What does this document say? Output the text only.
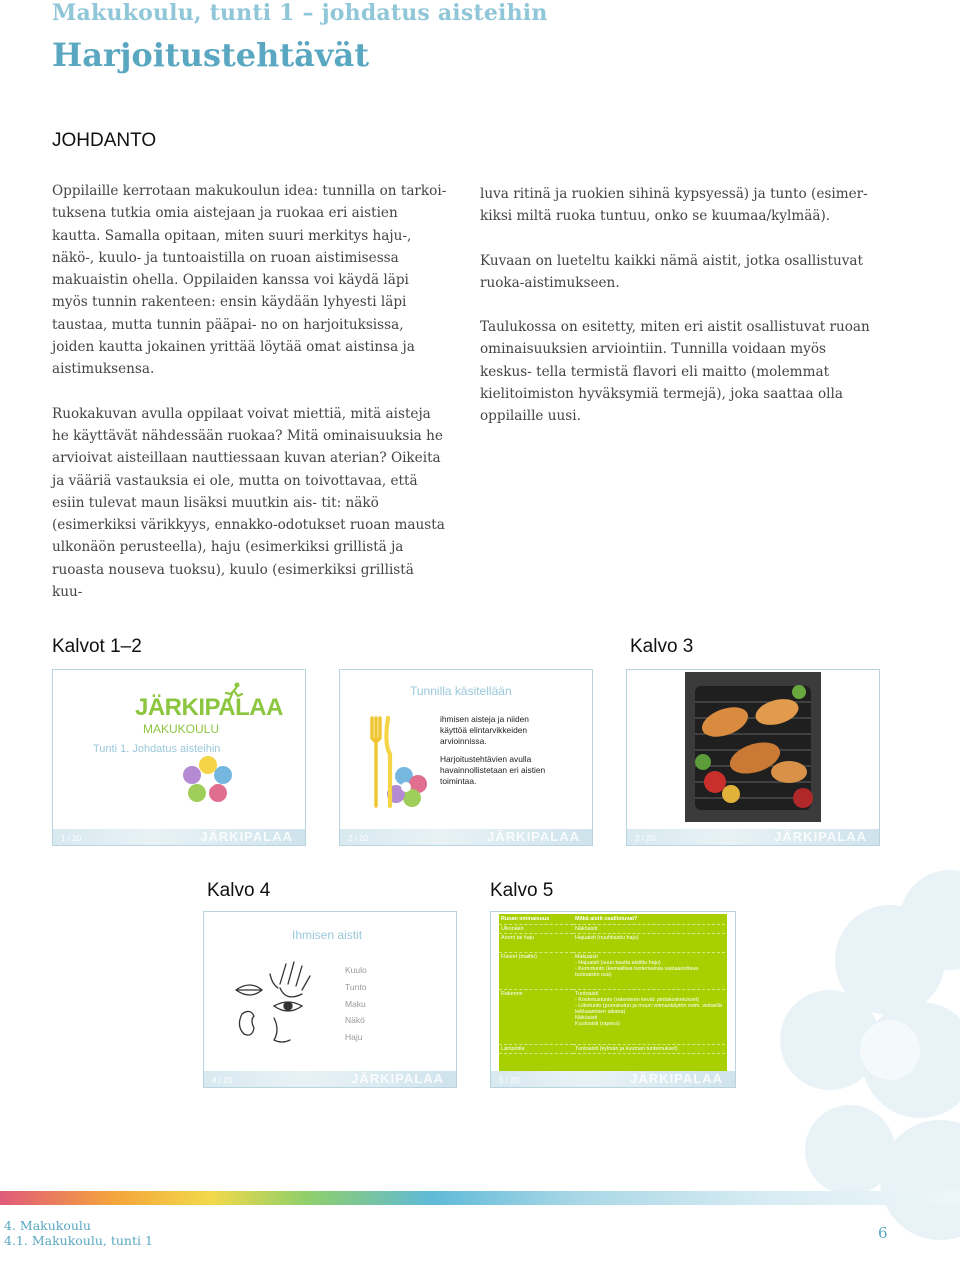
Makukoulu, tunti 1 – johdatus aisteihin
Harjoitustehtävät
JOHDANTO

Oppilaille kerrotaan makukoulun idea: tunnilla on tarkoi- tuksena tutkia omia aistejaan ja ruokaa eri aistien kautta. Samalla opitaan, miten suuri merkitys haju-, näkö-, kuulo- ja tuntoaistilla on ruoan aistimisessa makuaistin ohella. Oppilaiden kanssa voi käydä läpi myös tunnin rakenteen: ensin käydään lyhyesti läpi taustaa, mutta tunnin pääpai- no on harjoituksissa, joiden kautta jokainen yrittää löytää omat aistinsa ja aistimuksensa.

Ruokakuvan avulla oppilaat voivat miettiä, mitä aisteja he käyttävät nähdessään ruokaa? Mitä ominaisuuksia he arvioivat aisteillaan nauttiessaan kuvan aterian? Oikeita ja vääriä vastauksia ei ole, mutta on toivottavaa, että esiin tulevat maun lisäksi muutkin ais- tit: näkö (esimerkiksi värikkyys, ennakko-odotukset ruoan mausta ulkonäön perusteella), haju (esimerkiksi grillistä ja ruoasta nouseva tuoksu), kuulo (esimerkiksi grillistä kuu-

luva ritinä ja ruokien sihinä kypsyessä) ja tunto (esimer- kiksi miltä ruoka tuntuu, onko se kuumaa/kylmää).

Kuvaan on lueteltu kaikki nämä aistit, jotka osallistuvat ruoka-aistimukseen.

Taulukossa on esitetty, miten eri aistit osallistuvat ruoan ominaisuuksien arviointiin. Tunnilla voidaan myös keskus- tella termistä flavori eli maitto (molemmat kielitoimiston hyväksymiä termejä), joka saattaa olla oppilaille uusi.

Kalvot 1–2	Kalvo 3
Kalvo 4	Kalvo 5
JÄRKIPALAA
MAKUKOULU
Tunti 1. Johdatus aisteihin
1 / 20	JÄRKIPALAA
Tunnilla käsitellään
ihmisen aisteja ja niiden käyttöä elintarvikkeiden arvioinnissa.
Harjoitustehtävien avulla havainnollistetaan eri aistien toimintaa.
2 / 20	JÄRKIPALAA	3 / 20	JÄRKIPALAA
Ihmisen aistit
Kuulo
Tunto
Maku
Näkö
Haju
4 / 20	JÄRKIPALAA
Ruoan ominaisuus	Mitkä aistit osallistuvat?
Ulkonäkö	Näköaisti
Aromi tai haju	Hajuaisti (nuuhkaistu haju)
Flavori (maitto)	Makuaisti
- Hajuaisti (suun kautta aistittu haju)
- Kemotunto (kemiallisia tuntemuksia vastaanottava tuntoaistin osa)

Rakenne	Tuntoaisti
- Kosketustunto (rakenteen kevät: pintakosketukset)
- Liiketunto (pureskelun ja muun voimankäytön esim. veitsellä leikkaamisen aikana)
Näköaisti
Kuuloaisti (rapeus)

Lämpötila	Tuntoaisti (kylmän ja kuuman tuntemukset)
5 / 20	JÄRKIPALAA
4. Makukoulu
4.1. Makukoulu, tunti 1	6
